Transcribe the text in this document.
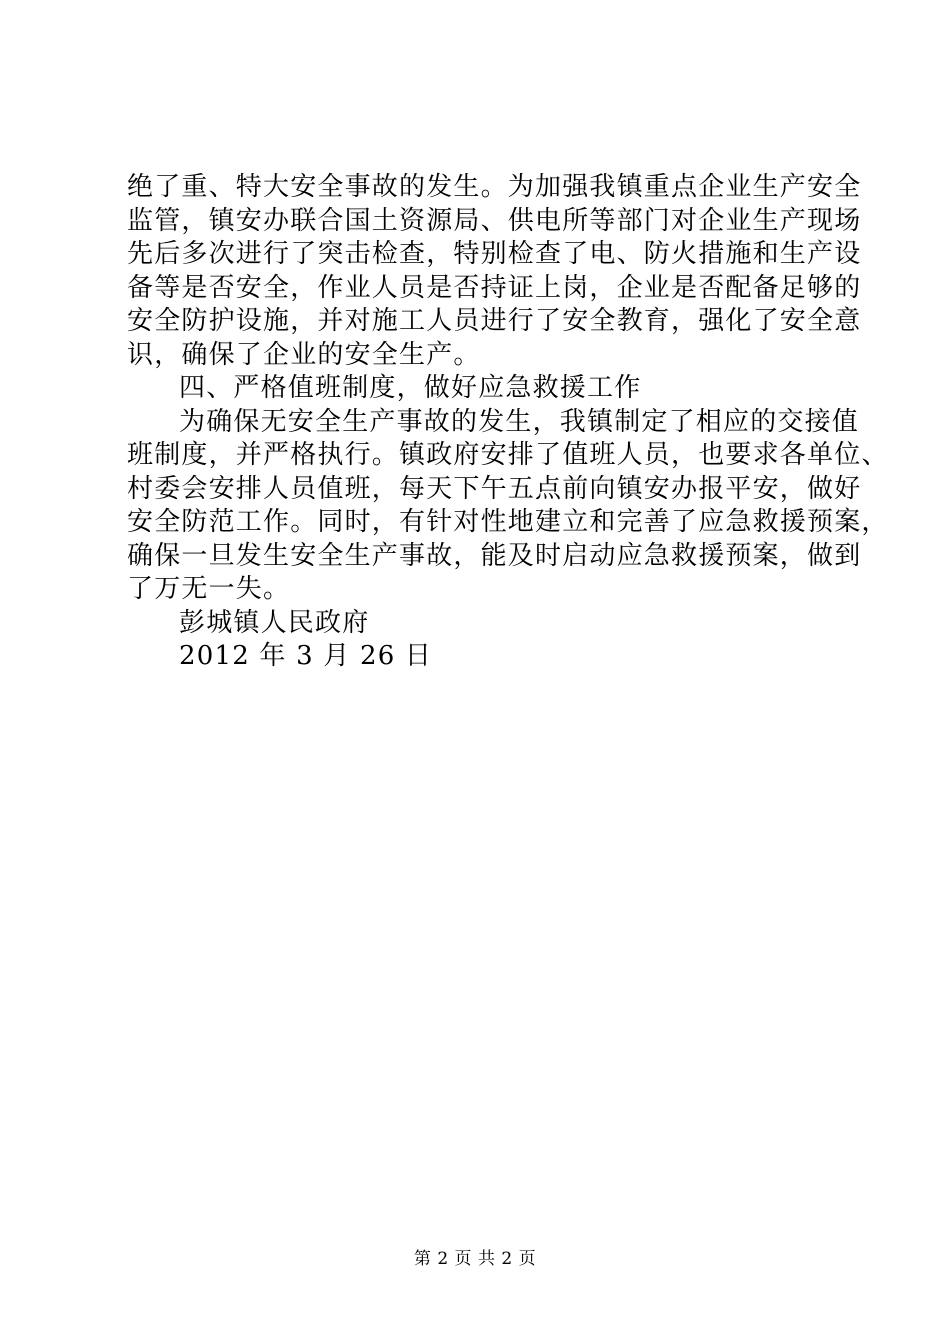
绝了重、特大安全事故的发生。为加强我镇重点企业生产安全
监管，镇安办联合国土资源局、供电所等部门对企业生产现场
先后多次进行了突击检查，特别检查了电、防火措施和生产设
备等是否安全，作业人员是否持证上岗，企业是否配备足够的
安全防护设施，并对施工人员进行了安全教育，强化了安全意
识，确保了企业的安全生产。
四、严格值班制度，做好应急救援工作
为确保无安全生产事故的发生，我镇制定了相应的交接值
班制度，并严格执行。镇政府安排了值班人员，也要求各单位、
村委会安排人员值班，每天下午五点前向镇安办报平安，做好
安全防范工作。同时，有针对性地建立和完善了应急救援预案，
确保一旦发生安全生产事故，能及时启动应急救援预案，做到
了万无一失。
彭城镇人民政府
2012 年 3 月 26 日
第 2 页 共 2 页
